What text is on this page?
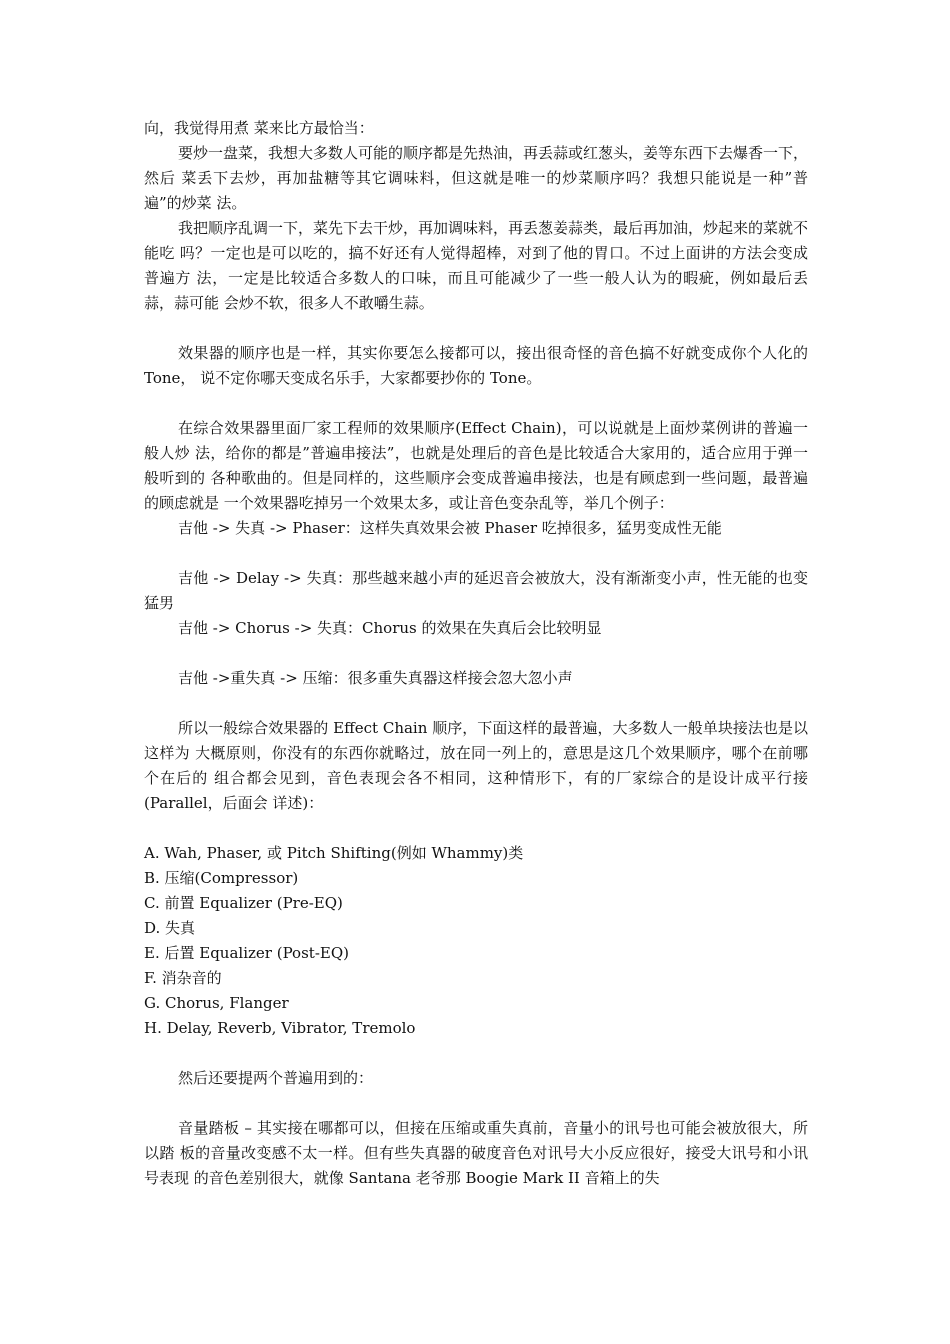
向，我觉得用煮 菜来比方最恰当：

要炒一盘菜，我想大多数人可能的顺序都是先热油，再丢蒜或红葱头，姜等东西下去爆香一下，然后 菜丢下去炒，再加盐糖等其它调味料，但这就是唯一的炒菜顺序吗？我想只能说是一种”普遍”的炒菜 法。

我把顺序乱调一下，菜先下去干炒，再加调味料，再丢葱姜蒜类，最后再加油，炒起来的菜就不能吃 吗？一定也是可以吃的，搞不好还有人觉得超棒，对到了他的胃口。不过上面讲的方法会变成普遍方 法，一定是比较适合多数人的口味，而且可能减少了一些一般人认为的暇疵，例如最后丢蒜，蒜可能 会炒不软，很多人不敢嚼生蒜。

效果器的顺序也是一样，其实你要怎么接都可以，接出很奇怪的音色搞不好就变成你个人化的 Tone， 说不定你哪天变成名乐手，大家都要抄你的 Tone。

在综合效果器里面厂家工程师的效果顺序(Effect Chain)，可以说就是上面炒菜例讲的普遍一般人炒 法，给你的都是”普遍串接法”，也就是处理后的音色是比较适合大家用的，适合应用于弹一般听到的 各种歌曲的。但是同样的，这些顺序会变成普遍串接法，也是有顾虑到一些问题，最普遍的顾虑就是 一个效果器吃掉另一个效果太多，或让音色变杂乱等，举几个例子：

吉他 -> 失真 -> Phaser：这样失真效果会被 Phaser 吃掉很多，猛男变成性无能

吉他 -> Delay -> 失真：那些越来越小声的延迟音会被放大，没有渐渐变小声，性无能的也变猛男

吉他 -> Chorus -> 失真：Chorus 的效果在失真后会比较明显

吉他 ->重失真 -> 压缩：很多重失真器这样接会忽大忽小声

所以一般综合效果器的 Effect Chain 顺序，下面这样的最普遍，大多数人一般单块接法也是以这样为 大概原则，你没有的东西你就略过，放在同一列上的，意思是这几个效果顺序，哪个在前哪个在后的 组合都会见到，音色表现会各不相同，这种情形下，有的厂家综合的是设计成平行接(Parallel，后面会 详述)：

A. Wah, Phaser, 或 Pitch Shifting(例如 Whammy)类

B. 压缩(Compressor)

C. 前置 Equalizer (Pre-EQ)

D. 失真

E. 后置 Equalizer (Post-EQ)

F. 消杂音的

G. Chorus, Flanger

H. Delay, Reverb, Vibrator, Tremolo

然后还要提两个普遍用到的：

音量踏板 – 其实接在哪都可以，但接在压缩或重失真前，音量小的讯号也可能会被放很大，所以踏 板的音量改变感不太一样。但有些失真器的破度音色对讯号大小反应很好，接受大讯号和小讯号表现 的音色差别很大，就像 Santana 老爷那 Boogie Mark II 音箱上的失
